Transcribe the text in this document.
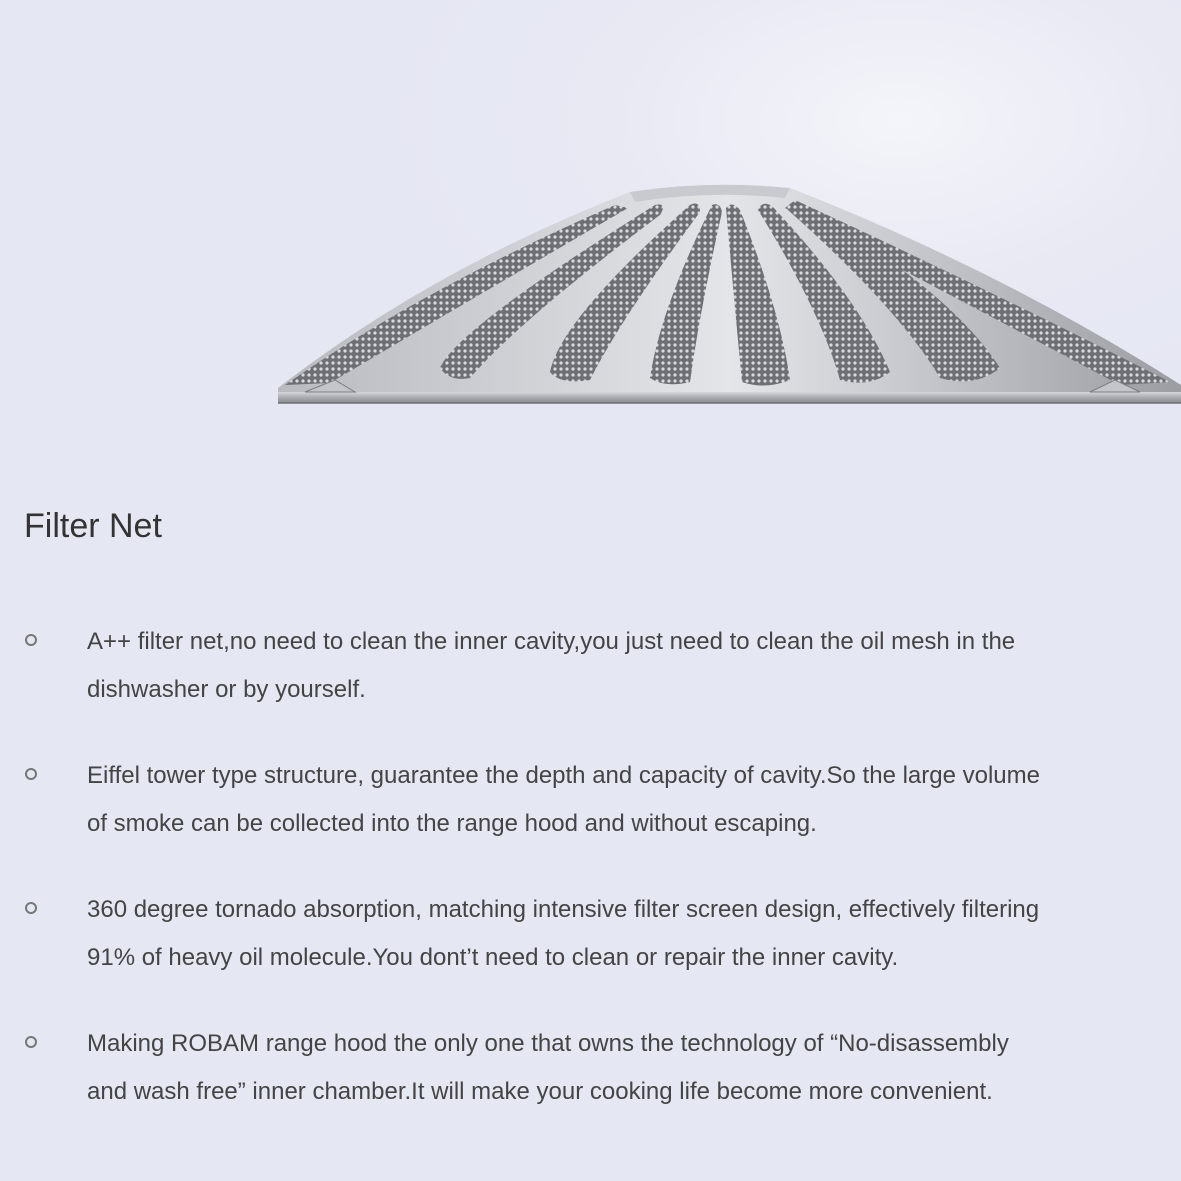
Filter Net
A++ filter net,no need to clean the inner cavity,you just need to clean the oil mesh in the dishwasher or by yourself.
Eiffel tower type structure, guarantee the depth and capacity of cavity.So the large volume of smoke can be collected into the range hood and without escaping.
360 degree tornado absorption, matching intensive filter screen design, effectively filtering 91% of heavy oil molecule.You dont’t need to clean or repair the inner cavity.
Making ROBAM range hood the only one that owns the technology of “No-disassembly and wash free” inner chamber.It will make your cooking life become more convenient.
